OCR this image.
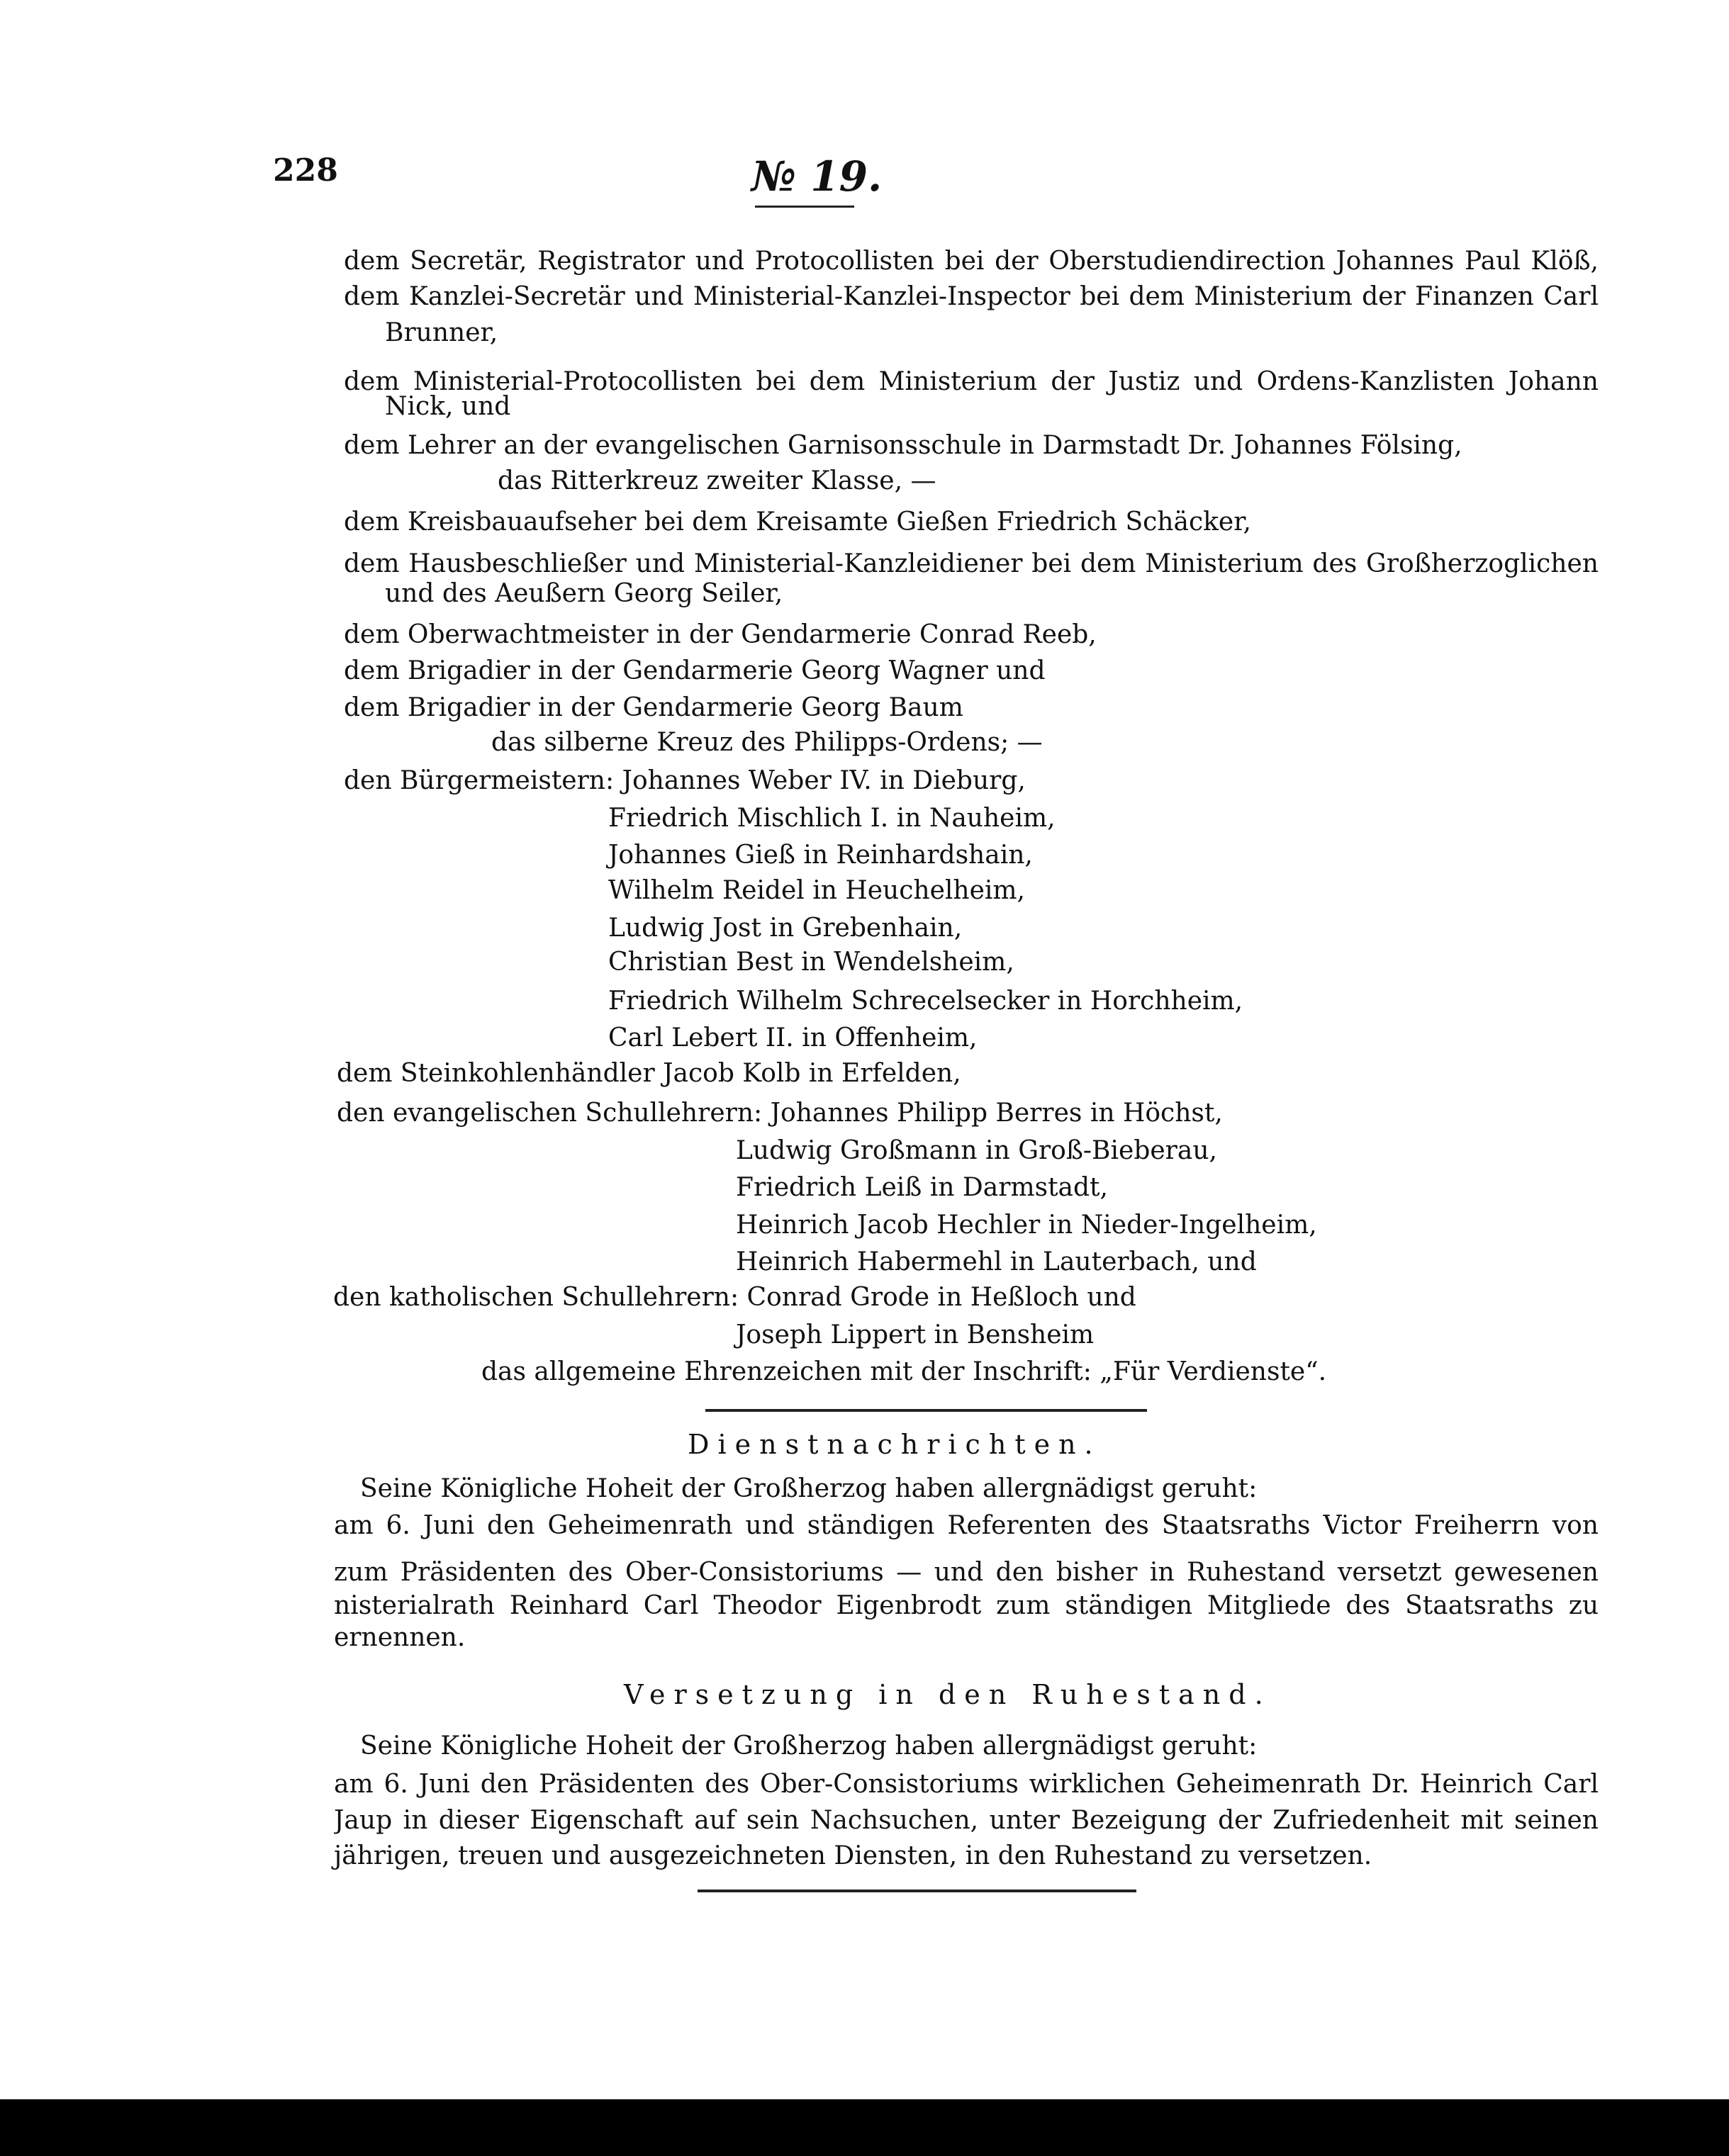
228	№ 19.
dem Secretär, Registrator und Protocollisten bei der Oberstudiendirection Johannes Paul Klöß,
dem Kanzlei-Secretär und Ministerial-Kanzlei-Inspector bei dem Ministerium der Finanzen Carl
Brunner,
dem Ministerial-Protocollisten bei dem Ministerium der Justiz und Ordens-Kanzlisten Johann
Nick, und
dem Lehrer an der evangelischen Garnisonsschule in Darmstadt Dr. Johannes Fölsing,
das Ritterkreuz zweiter Klasse, —
dem Kreisbauaufseher bei dem Kreisamte Gießen Friedrich Schäcker,
dem Hausbeschließer und Ministerial-Kanzleidiener bei dem Ministerium des Großherzoglichen
und des Aeußern Georg Seiler,
dem Oberwachtmeister in der Gendarmerie Conrad Reeb,
dem Brigadier in der Gendarmerie Georg Wagner und
dem Brigadier in der Gendarmerie Georg Baum
das silberne Kreuz des Philipps-Ordens; —
den Bürgermeistern: Johannes Weber IV. in Dieburg,
Friedrich Mischlich I. in Nauheim,
Johannes Gieß in Reinhardshain,
Wilhelm Reidel in Heuchelheim,
Ludwig Jost in Grebenhain,
Christian Best in Wendelsheim,
Friedrich Wilhelm Schrecelsecker in Horchheim,
Carl Lebert II. in Offenheim,
dem Steinkohlenhändler Jacob Kolb in Erfelden,
den evangelischen Schullehrern: Johannes Philipp Berres in Höchst,
Ludwig Großmann in Groß-Bieberau,
Friedrich Leiß in Darmstadt,
Heinrich Jacob Hechler in Nieder-Ingelheim,
Heinrich Habermehl in Lauterbach, und
den katholischen Schullehrern: Conrad Grode in Heßloch und
Joseph Lippert in Bensheim
das allgemeine Ehrenzeichen mit der Inschrift: „Für Verdienste“.
Dienstnachrichten.
Seine Königliche Hoheit der Großherzog haben allergnädigst geruht:
am 6. Juni den Geheimenrath und ständigen Referenten des Staatsraths Victor Freiherrn von
zum Präsidenten des Ober-Consistoriums — und den bisher in Ruhestand versetzt gewesenen
nisterialrath Reinhard Carl Theodor Eigenbrodt zum ständigen Mitgliede des Staatsraths zu
ernennen.
Versetzung in den Ruhestand.
Seine Königliche Hoheit der Großherzog haben allergnädigst geruht:
am 6. Juni den Präsidenten des Ober-Consistoriums wirklichen Geheimenrath Dr. Heinrich Carl
Jaup in dieser Eigenschaft auf sein Nachsuchen, unter Bezeigung der Zufriedenheit mit seinen
jährigen, treuen und ausgezeichneten Diensten, in den Ruhestand zu versetzen.
